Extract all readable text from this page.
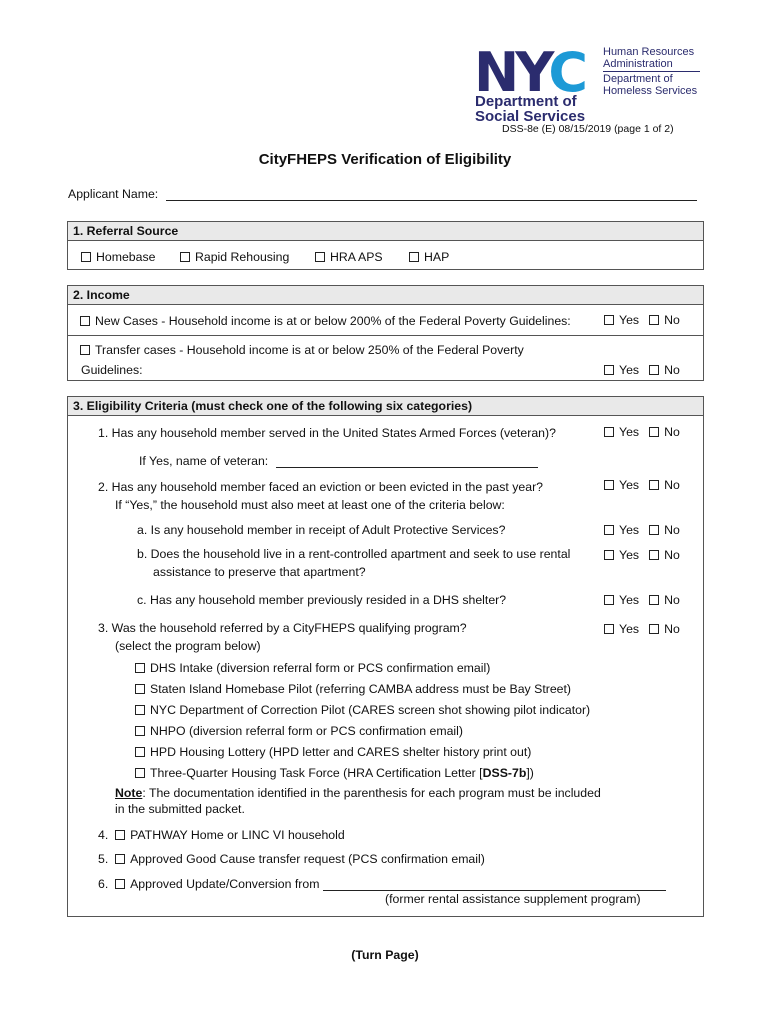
NYC
Department of
Social Services
Human Resources
Administration
Department of
Homeless Services
DSS-8e (E) 08/15/2019 (page 1 of 2)
CityFHEPS Verification of Eligibility
Applicant Name:
1. Referral Source
Homebase	Rapid Rehousing	HRA APS	HAP
2. Income
New Cases - Household income is at or below 200% of the Federal Poverty Guidelines:	Yes No
Transfer cases - Household income is at or below 250% of the Federal Poverty
Guidelines:	Yes No
3. Eligibility Criteria (must check one of the following six categories)
1. Has any household member served in the United States Armed Forces (veteran)?	Yes No
If Yes, name of veteran:
2. Has any household member faced an eviction or been evicted in the past year?	Yes No
If “Yes,” the household must also meet at least one of the criteria below:
a. Is any household member in receipt of Adult Protective Services?	Yes No
b. Does the household live in a rent-controlled apartment and seek to use rental
assistance to preserve that apartment?
Yes No
c. Has any household member previously resided in a DHS shelter?	Yes No
3. Was the household referred by a CityFHEPS qualifying program?
(select the program below)
Yes No
DHS Intake (diversion referral form or PCS confirmation email)
Staten Island Homebase Pilot (referring CAMBA address must be Bay Street)
NYC Department of Correction Pilot (CARES screen shot showing pilot indicator)
NHPO (diversion referral form or PCS confirmation email)
HPD Housing Lottery (HPD letter and CARES shelter history print out)
Three-Quarter Housing Task Force (HRA Certification Letter [DSS-7b])
Note: The documentation identified in the parenthesis for each program must be included
in the submitted packet.
4. PATHWAY Home or LINC VI household
5. Approved Good Cause transfer request (PCS confirmation email)
6. Approved Update/Conversion from
(former rental assistance supplement program)
(Turn Page)
